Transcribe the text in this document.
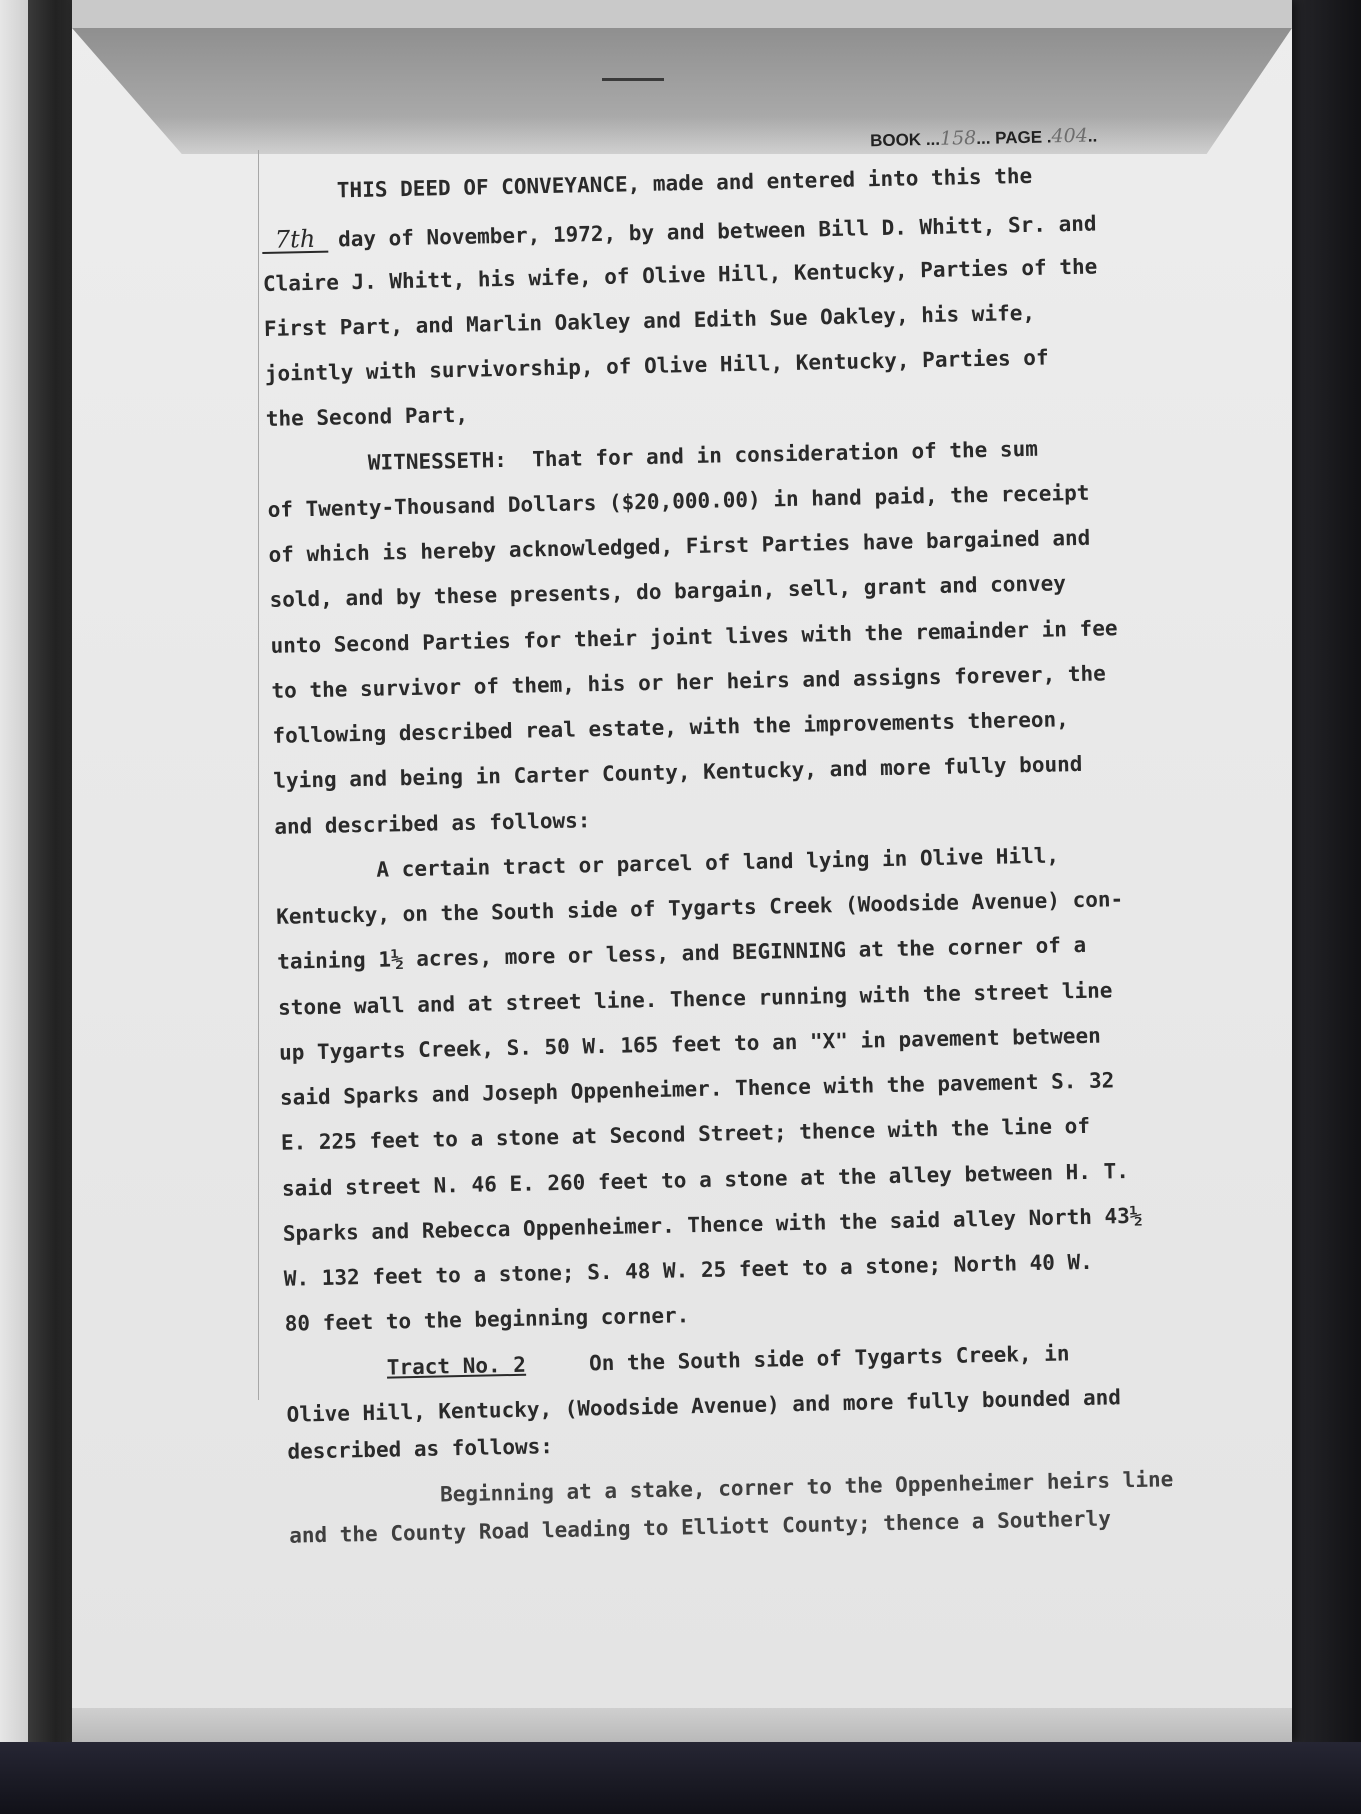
BOOK ...158... PAGE .404..
THIS DEED OF CONVEYANCE, made and entered into this the
7th day of November, 1972, by and between Bill D. Whitt, Sr. and
Claire J. Whitt, his wife, of Olive Hill, Kentucky, Parties of the
First Part, and Marlin Oakley and Edith Sue Oakley, his wife,
jointly with survivorship, of Olive Hill, Kentucky, Parties of
the Second Part,
WITNESSETH:  That for and in consideration of the sum
of Twenty-Thousand Dollars ($20,000.00) in hand paid, the receipt
of which is hereby acknowledged, First Parties have bargained and
sold, and by these presents, do bargain, sell, grant and convey
unto Second Parties for their joint lives with the remainder in fee
to the survivor of them, his or her heirs and assigns forever, the
following described real estate, with the improvements thereon,
lying and being in Carter County, Kentucky, and more fully bound
and described as follows:
A certain tract or parcel of land lying in Olive Hill,
Kentucky, on the South side of Tygarts Creek (Woodside Avenue) con-
taining 1½ acres, more or less, and BEGINNING at the corner of a
stone wall and at street line. Thence running with the street line
up Tygarts Creek, S. 50 W. 165 feet to an "X" in pavement between
said Sparks and Joseph Oppenheimer. Thence with the pavement S. 32
E. 225 feet to a stone at Second Street; thence with the line of
said street N. 46 E. 260 feet to a stone at the alley between H. T.
Sparks and Rebecca Oppenheimer. Thence with the said alley North 43½
W. 132 feet to a stone; S. 48 W. 25 feet to a stone; North 40 W.
80 feet to the beginning corner.
Tract No. 2     On the South side of Tygarts Creek, in
Olive Hill, Kentucky, (Woodside Avenue) and more fully bounded and
described as follows:
Beginning at a stake, corner to the Oppenheimer heirs line
and the County Road leading to Elliott County; thence a Southerly
